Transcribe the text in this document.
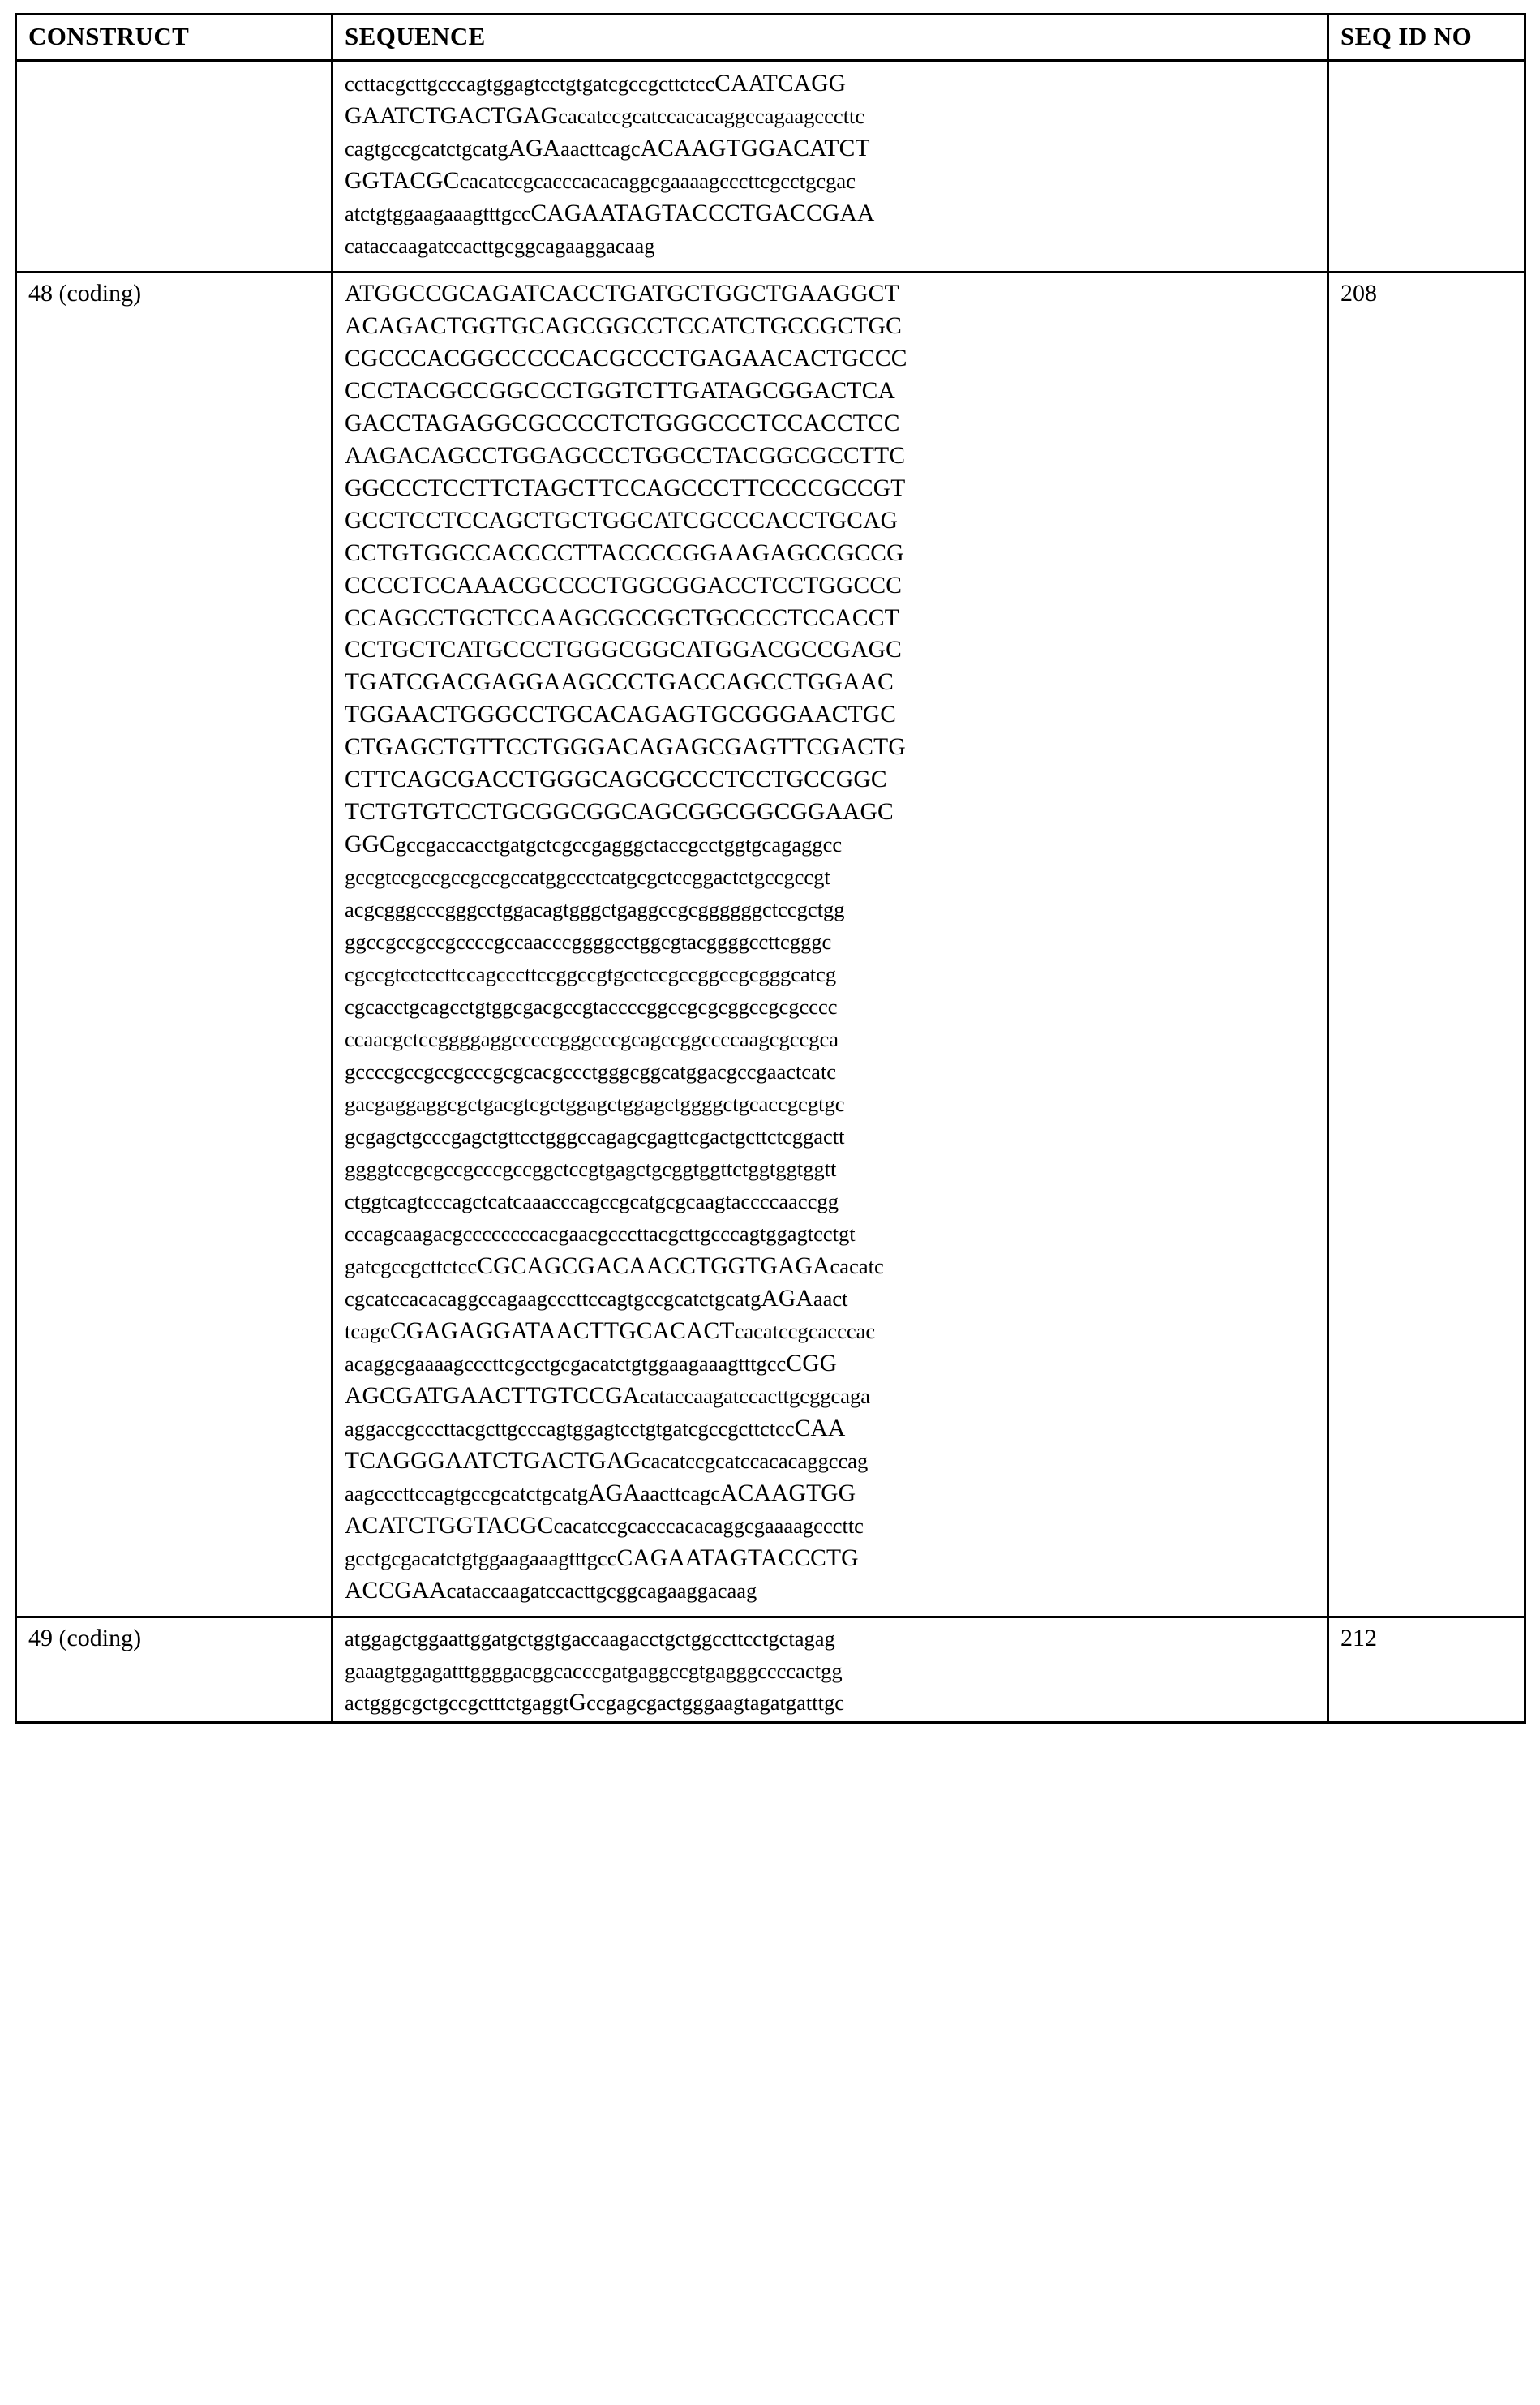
CONSTRUCT	SEQUENCE	SEQ ID NO

ccttacgcttgcccagtggagtcctgtgatcgccgcttctccCAATCAGG
GAATCTGACTGAGcacatccgcatccacacaggccagaagcccttc
cagtgccgcatctgcatgAGAaacttcagcACAAGTGGACATCT
GGTACGCcacatccgcacccacacaggcgaaaagcccttcgcctgcgac
atctgtggaagaaagtttgccCAGAATAGTACCCTGACCGAA
cataccaagatccacttgcggcagaaggacaag

48 (coding)	ATGGCCGCAGATCACCTGATGCTGGCTGAAGGCT
ACAGACTGGTGCAGCGGCCTCCATCTGCCGCTGC
CGCCCACGGCCCCCACGCCCTGAGAACACTGCCC
CCCTACGCCGGCCCTGGTCTTGATAGCGGACTCA
GACCTAGAGGCGCCCCTCTGGGCCCTCCACCTCC
AAGACAGCCTGGAGCCCTGGCCTACGGCGCCTTC
GGCCCTCCTTCTAGCTTCCAGCCCTTCCCCGCCGT
GCCTCCTCCAGCTGCTGGCATCGCCCACCTGCAG
CCTGTGGCCACCCCTTACCCCGGAAGAGCCGCCG
CCCCTCCAAACGCCCCTGGCGGACCTCCTGGCCC
CCAGCCTGCTCCAAGCGCCGCTGCCCCTCCACCT
CCTGCTCATGCCCTGGGCGGCATGGACGCCGAGC
TGATCGACGAGGAAGCCCTGACCAGCCTGGAAC
TGGAACTGGGCCTGCACAGAGTGCGGGAACTGC
CTGAGCTGTTCCTGGGACAGAGCGAGTTCGACTG
CTTCAGCGACCTGGGCAGCGCCCTCCTGCCGGC
TCTGTGTCCTGCGGCGGCAGCGGCGGCGGAAGC
GGCgccgaccacctgatgctcgccgagggctaccgcctggtgcagaggcc
gccgtccgccgccgccgccatggccctcatgcgctccggactctgccgccgt
acgcgggcccgggcctggacagtgggctgaggccgcggggggctccgctgg
ggccgccgccgccccgccaacccggggcctggcgtacggggccttcgggc
cgccgtcctccttccagcccttccggccgtgcctccgccggccgcgggcatcg
cgcacctgcagcctgtggcgacgccgtaccccggccgcgcggccgcgcccc
ccaacgctccggggaggcccccgggcccgcagccggccccaagcgccgca
gccccgccgccgcccgcgcacgccctgggcggcatggacgccgaactcatc
gacgaggaggcgctgacgtcgctggagctggagctggggctgcaccgcgtgc
gcgagctgcccgagctgttcctgggccagagcgagttcgactgcttctcggactt
ggggtccgcgccgcccgccggctccgtgagctgcggtggttctggtggtggtt
ctggtcagtcccagctcatcaaacccagccgcatgcgcaagtaccccaaccgg
cccagcaagacgccccccccacgaacgcccttacgcttgcccagtggagtcctgt
gatcgccgcttctccCGCAGCGACAACCTGGTGAGAcacatc
cgcatccacacaggccagaagcccttccagtgccgcatctgcatgAGAaact
tcagcCGAGAGGATAACTTGCACACTcacatccgcacccac
acaggcgaaaagcccttcgcctgcgacatctgtggaagaaagtttgccCGG
AGCGATGAACTTGTCCGAcataccaagatccacttgcggcaga
aggaccgcccttacgcttgcccagtggagtcctgtgatcgccgcttctccCAA
TCAGGGAATCTGACTGAGcacatccgcatccacacaggccag
aagcccttccagtgccgcatctgcatgAGAaacttcagcACAAGTGG
ACATCTGGTACGCcacatccgcacccacacaggcgaaaagcccttc
gcctgcgacatctgtggaagaaagtttgccCAGAATAGTACCCTG
ACCGAAcataccaagatccacttgcggcagaaggacaag
	208
49 (coding)	atggagctggaattggatgctggtgaccaagacctgctggccttcctgctagag
gaaagtggagatttggggacggcacccgatgaggccgtgagggccccactgg
actgggcgctgccgctttctgaggtGccgagcgactgggaagtagatgatttgc	212
